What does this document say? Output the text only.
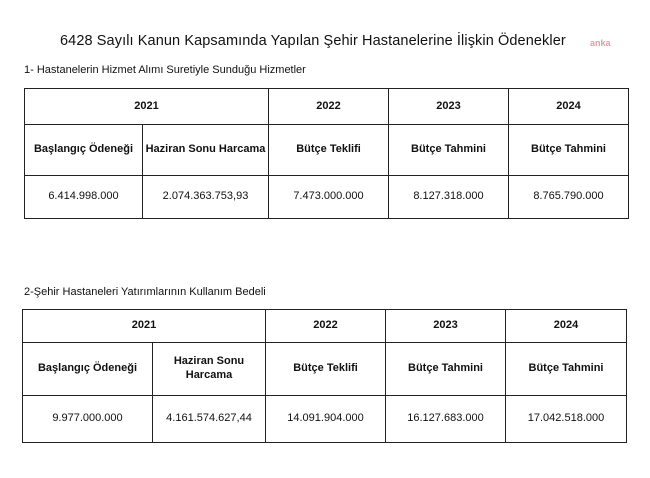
6428 Sayılı Kanun Kapsamında Yapılan Şehir Hastanelerine İlişkin Ödenekler	anka
1- Hastanelerin Hizmet Alımı Suretiyle Sunduğu Hizmetler
2021		2022	2023	2024
Başlangıç Ödeneği	Haziran Sonu Harcama	Bütçe Teklifi	Bütçe Tahmini	Bütçe Tahmini
6.414.998.000	2.074.363.753,93	7.473.000.000	8.127.318.000	8.765.790.000
2-Şehir Hastaneleri Yatırımlarının Kullanım Bedeli
2021		2022	2023	2024
Başlangıç Ödeneği	Haziran Sonu Harcama	Bütçe Teklifi	Bütçe Tahmini	Bütçe Tahmini
9.977.000.000	4.161.574.627,44	14.091.904.000	16.127.683.000	17.042.518.000
